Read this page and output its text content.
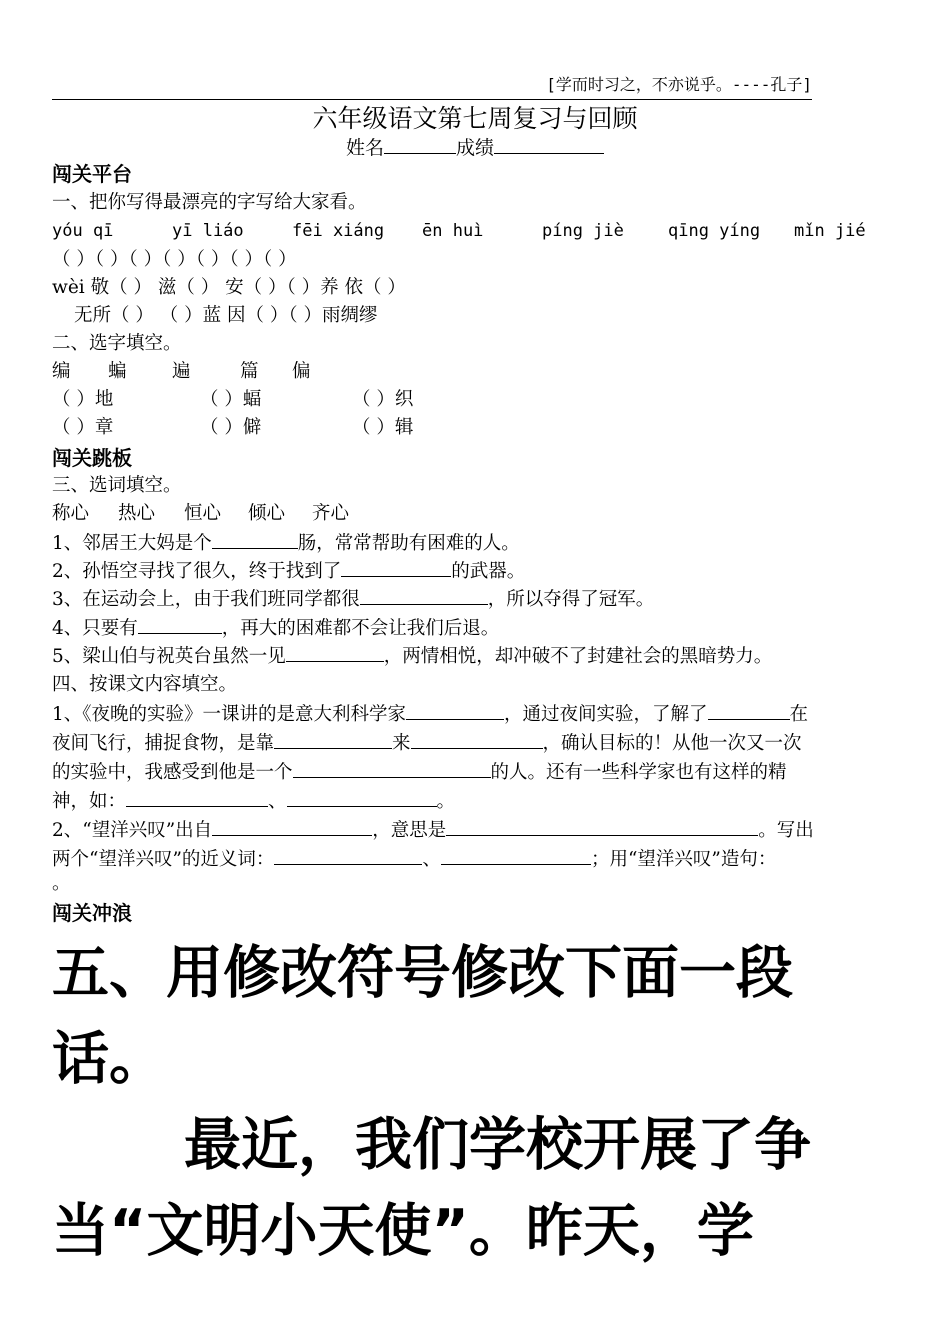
[学而时习之，不亦说乎。----孔子]
六年级语文第七周复习与回顾
姓名	成绩
闯关平台
一、把你写得最漂亮的字写给大家看。
yóu qī	yī liáo	fēi xiáng ēn huì	píng jiè	qīng yíng mǐn jié
（ ）（ ）（ ）（ ）（ ）（ ）（ ）
wèi 敬（ ） 滋（ ） 安（ ）（ ）养 依（ ）
无所（ ） （ ）蓝 因（ ）（ ）雨绸缪
二、选字填空。
编 蝙 遍	篇 偏
（ ）地	（ ）蝠	（ ）织
（ ）章	（ ）僻	（ ）辑
闯关跳板
三、选词填空。
称心 热心 恒心 倾心 齐心
1、邻居王大妈是个	肠，常常帮助有困难的人。
2、孙悟空寻找了很久，终于找到了	的武器。
3、在运动会上，由于我们班同学都很	，所以夺得了冠军。
4、只要有	，再大的困难都不会让我们后退。
5、梁山伯与祝英台虽然一见	，两情相悦，却冲破不了封建社会的黑暗势力。
四、按课文内容填空。
1、《夜晚的实验》一课讲的是意大利科学家	，通过夜间实验，了解了	在
夜间飞行，捕捉食物，是靠	来	，确认目标的！从他一次又一次
的实验中，我感受到他是一个	的人。还有一些科学家也有这样的精
神，如：	、	。
2、“望洋兴叹”出自	，意思是	。写出
两个“望洋兴叹”的近义词：	、	；用“望洋兴叹”造句：
。
闯关冲浪
五、用修改符号修改下面一段
话。
最近，我们学校开展了争
当“文明小天使”。昨天，学
